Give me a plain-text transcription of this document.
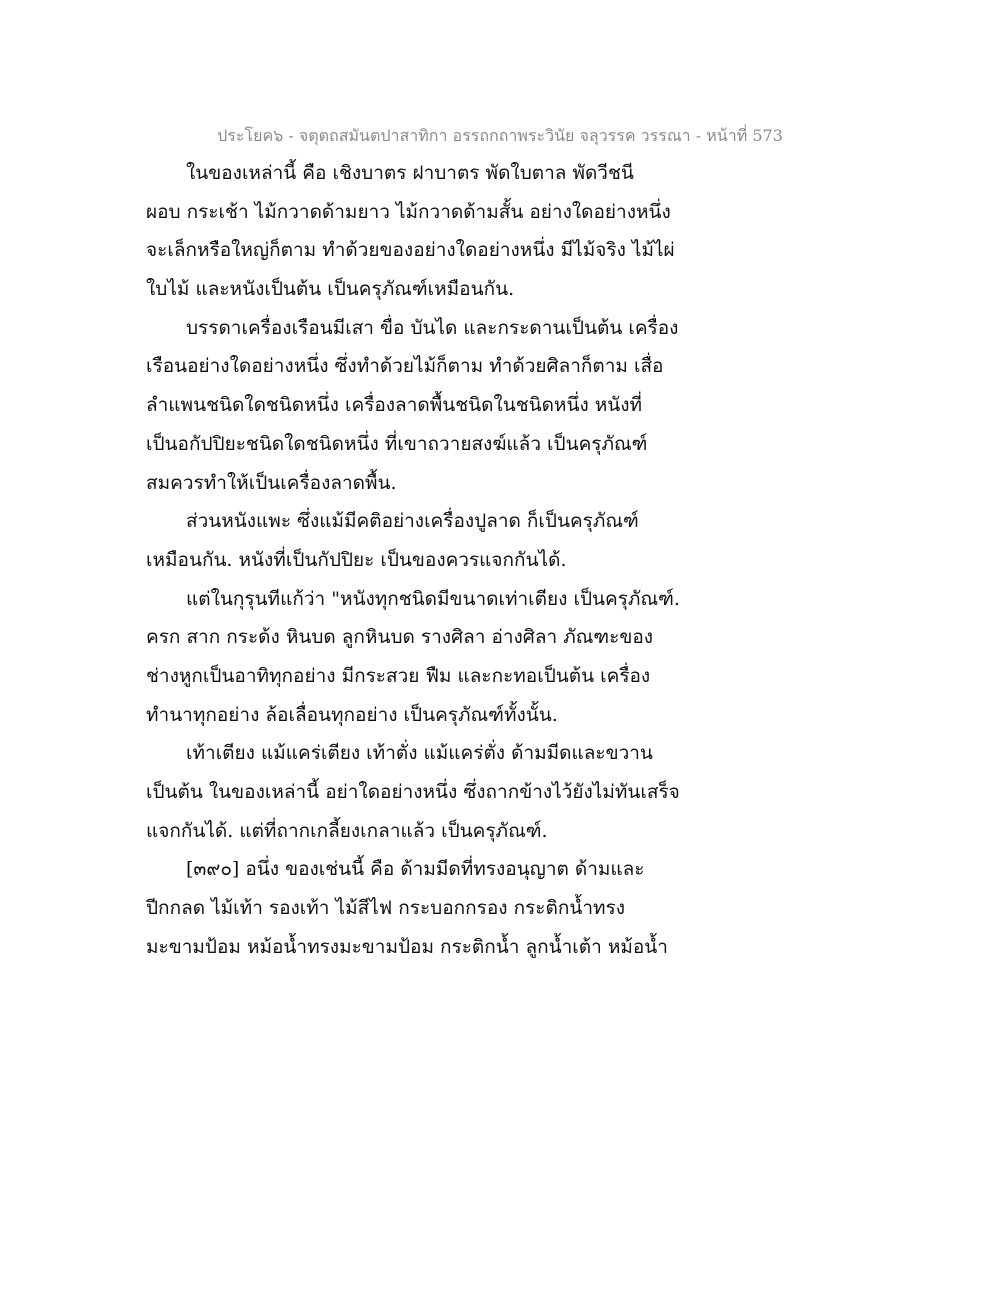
ประโยค๖ - จตุตถสมันตปาสาทิกา อรรถกถาพระวินัย จลุวรรค วรรณา - หน้าที่ 573
ในของเหล่านี้ คือ เชิงบาตร ฝาบาตร พัดใบตาล พัดวีชนี
ผอบ กระเช้า ไม้กวาดด้ามยาว ไม้กวาดด้ามสั้น อย่างใดอย่างหนึ่ง
จะเล็กหรือใหญ่ก็ตาม ทำด้วยของอย่างใดอย่างหนึ่ง มีไม้จริง ไม้ไผ่
ใบไม้ และหนังเป็นต้น เป็นครุภัณฑ์เหมือนกัน.
บรรดาเครื่องเรือนมีเสา ขื่อ บันได และกระดานเป็นต้น เครื่อง
เรือนอย่างใดอย่างหนึ่ง ซึ่งทำด้วยไม้ก็ตาม ทำด้วยศิลาก็ตาม เสื่อ
ลำแพนชนิดใดชนิดหนึ่ง เครื่องลาดพื้นชนิดในชนิดหนึ่ง หนังที่
เป็นอกัปปิยะชนิดใดชนิดหนึ่ง ที่เขาถวายสงฆ์แล้ว เป็นครุภัณฑ์
สมควรทำให้เป็นเครื่องลาดพื้น.
ส่วนหนังแพะ ซึ่งแม้มีคติอย่างเครื่องปูลาด ก็เป็นครุภัณฑ์
เหมือนกัน. หนังที่เป็นกัปปิยะ เป็นของควรแจกกันได้.
แต่ในกุรุนทีแก้ว่า "หนังทุกชนิดมีขนาดเท่าเตียง เป็นครุภัณฑ์.
ครก สาก กระด้ง หินบด ลูกหินบด รางศิลา อ่างศิลา ภัณฑะของ
ช่างหูกเป็นอาทิทุกอย่าง มีกระสวย ฟืม และกะทอเป็นต้น เครื่อง
ทำนาทุกอย่าง ล้อเลื่อนทุกอย่าง เป็นครุภัณฑ์ทั้งนั้น.
เท้าเตียง แม้แคร่เตียง เท้าตั่ง แม้แคร่ตั่ง ด้ามมีดและขวาน
เป็นต้น ในของเหล่านี้ อย่าใดอย่างหนึ่ง ซึ่งถากข้างไว้ยังไม่ทันเสร็จ
แจกกันได้. แต่ที่ถากเกลี้ยงเกลาแล้ว เป็นครุภัณฑ์.
[๓๙๐] อนึ่ง ของเช่นนี้ คือ ด้ามมีดที่ทรงอนุญาต ด้ามและ
ปีกกลด ไม้เท้า รองเท้า ไม้สีไฟ กระบอกกรอง กระติกน้ำทรง
มะขามป้อม หม้อน้ำทรงมะขามป้อม กระติกน้ำ ลูกน้ำเต้า หม้อน้ำ
